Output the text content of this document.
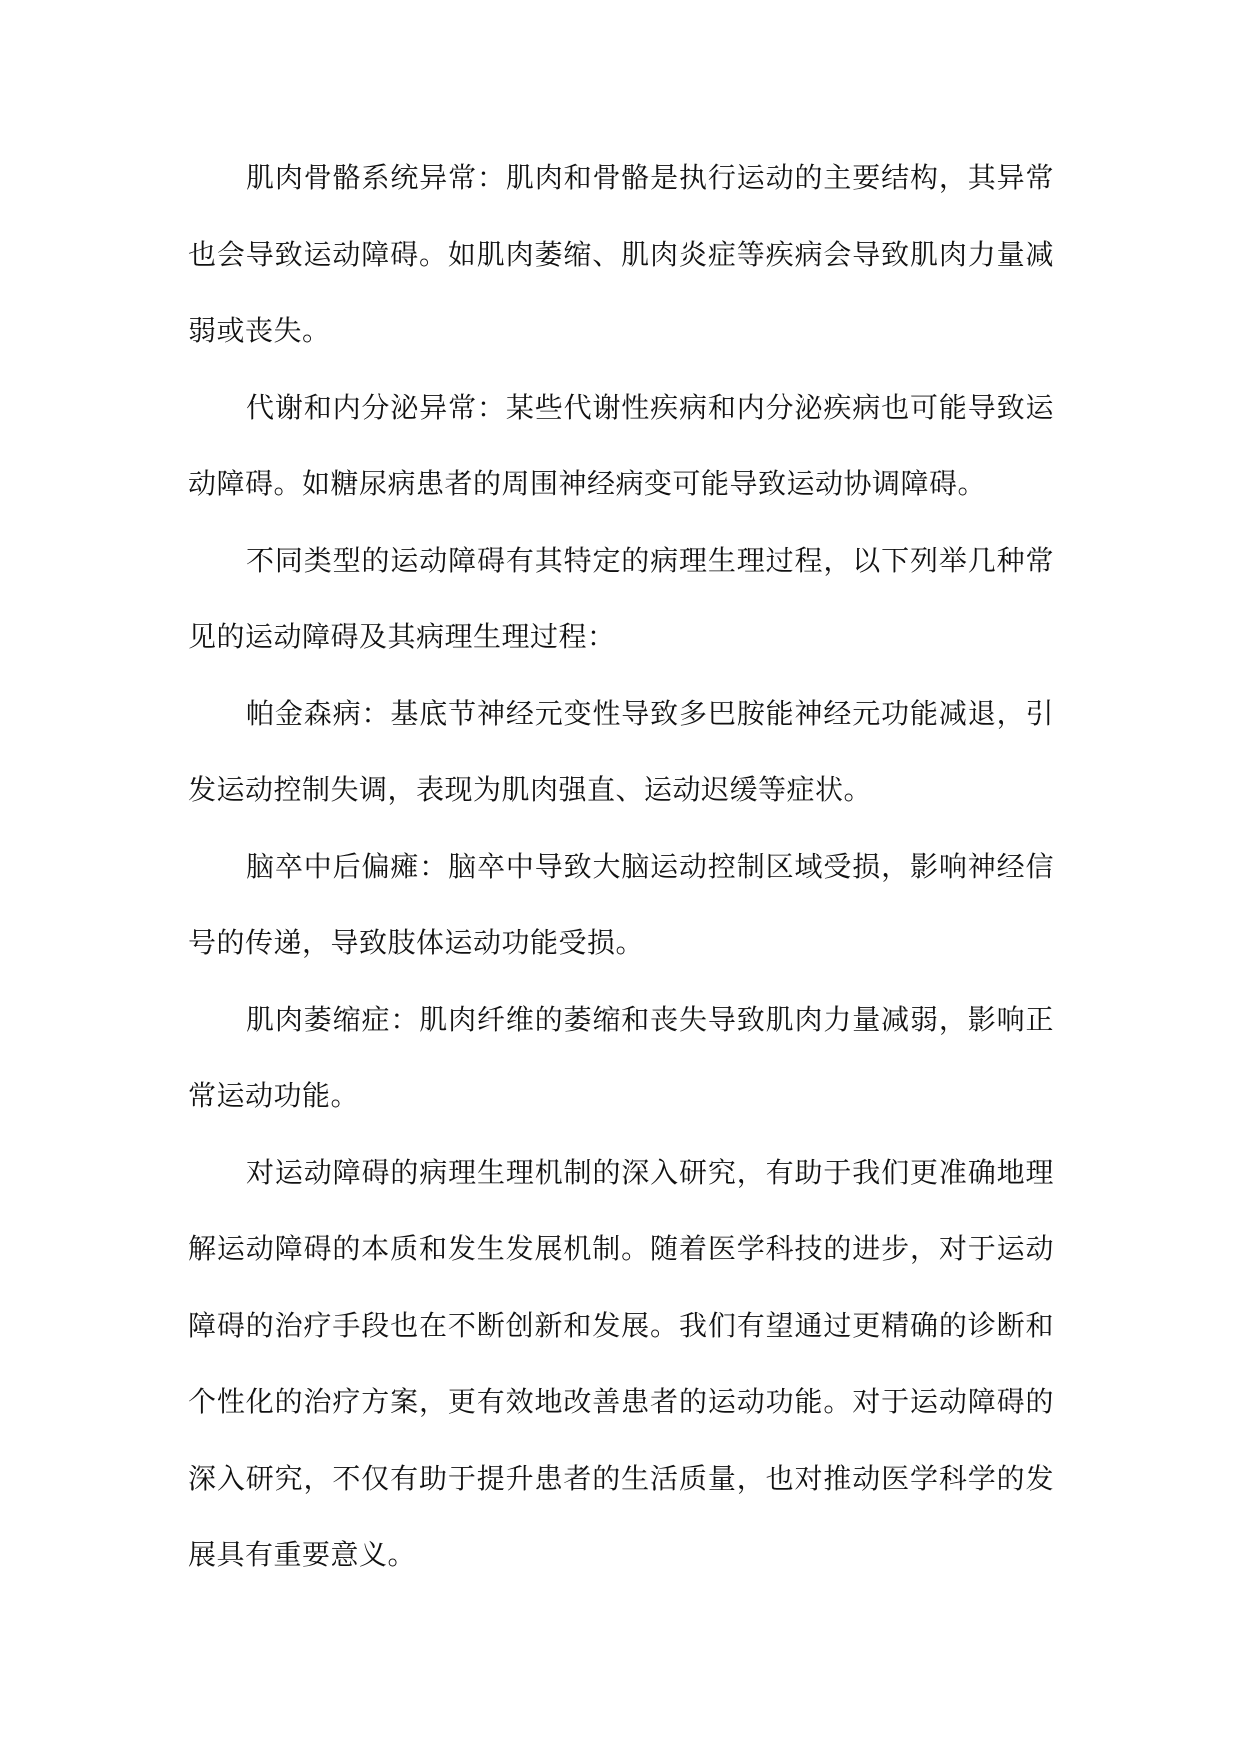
肌肉骨骼系统异常：肌肉和骨骼是执行运动的主要结构，其异常也会导致运动障碍。如肌肉萎缩、肌肉炎症等疾病会导致肌肉力量减弱或丧失。

代谢和内分泌异常：某些代谢性疾病和内分泌疾病也可能导致运动障碍。如糖尿病患者的周围神经病变可能导致运动协调障碍。

不同类型的运动障碍有其特定的病理生理过程，以下列举几种常见的运动障碍及其病理生理过程：

帕金森病：基底节神经元变性导致多巴胺能神经元功能减退，引发运动控制失调，表现为肌肉强直、运动迟缓等症状。

脑卒中后偏瘫：脑卒中导致大脑运动控制区域受损，影响神经信号的传递，导致肢体运动功能受损。

肌肉萎缩症：肌肉纤维的萎缩和丧失导致肌肉力量减弱，影响正常运动功能。

对运动障碍的病理生理机制的深入研究，有助于我们更准确地理解运动障碍的本质和发生发展机制。随着医学科技的进步，对于运动障碍的治疗手段也在不断创新和发展。我们有望通过更精确的诊断和个性化的治疗方案，更有效地改善患者的运动功能。对于运动障碍的深入研究，不仅有助于提升患者的生活质量，也对推动医学科学的发展具有重要意义。
